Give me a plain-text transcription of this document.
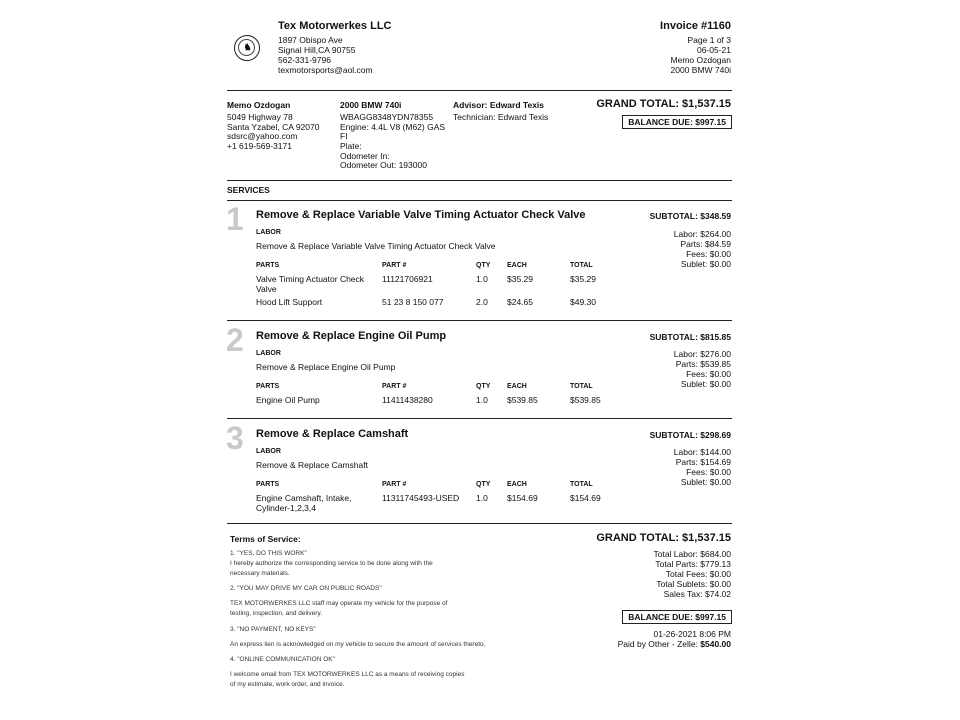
♞
Tex Motorwerkes LLC
1897 Obispo Ave
Signal Hill,CA 90755
562-331-9796
texmotorsports@aol.com
Invoice #1160
Page 1 of 3
06-05-21
Memo Ozdogan
2000 BMW 740i
Memo Ozdogan
5049 Highway 78
Santa Yzabel, CA 92070
sdsrc@yahoo.com
+1 619-569-3171
2000 BMW 740i
WBAGG8348YDN78355
Engine: 4.4L V8 (M62) GAS
FI
Plate:
Odometer In:
Odometer Out: 193000
Advisor: Edward Texis
Technician: Edward Texis
GRAND TOTAL: $1,537.15
BALANCE DUE: $997.15
SERVICES
1 Remove & Replace Variable Valve Timing Actuator Check Valve	SUBTOTAL: $348.59
LABOR
Remove & Replace Variable Valve Timing Actuator Check Valve
Labor: $264.00
Parts: $84.59
Fees: $0.00
Sublet: $0.00
PARTS	PART #	QTY EACH	TOTAL
Valve Timing Actuator Check
Valve
11121706921	1.0 $35.29	$35.29
Hood Lift Support	51 23 8 150 077	2.0 $24.65	$49.30
2 Remove & Replace Engine Oil Pump	SUBTOTAL: $815.85
LABOR
Remove & Replace Engine Oil Pump
Labor: $276.00
Parts: $539.85
Fees: $0.00
Sublet: $0.00
PARTS	PART #	QTY EACH	TOTAL
Engine Oil Pump	11411438280	1.0 $539.85	$539.85
3 Remove & Replace Camshaft	SUBTOTAL: $298.69
LABOR
Remove & Replace Camshaft
Labor: $144.00
Parts: $154.69
Fees: $0.00
Sublet: $0.00
PARTS	PART #	QTY EACH	TOTAL
Engine Camshaft, Intake,
Cylinder-1,2,3,4
11311745493-USED 1.0 $154.69	$154.69
Terms of Service:
1. "YES, DO THIS WORK"
I hereby authorize the corresponding service to be done along with the
necessary materials.
2. "YOU MAY DRIVE MY CAR ON PUBLIC ROADS"
TEX MOTORWERKES LLC staff may operate my vehicle for the purpose of
testing, inspection, and delivery.
3. "NO PAYMENT, NO KEYS"
An express lien is acknowledged on my vehicle to secure the amount of services thereto.
4. "ONLINE COMMUNICATION OK"
I welcome email from TEX MOTORWERKES LLC as a means of receiving copies
of my estimate, work order, and invoice.
GRAND TOTAL: $1,537.15
Total Labor: $684.00
Total Parts: $779.13
Total Fees: $0.00
Total Sublets: $0.00
Sales Tax: $74.02
BALANCE DUE: $997.15
01-26-2021 8:06 PM
Paid by Other - Zelle: $540.00
